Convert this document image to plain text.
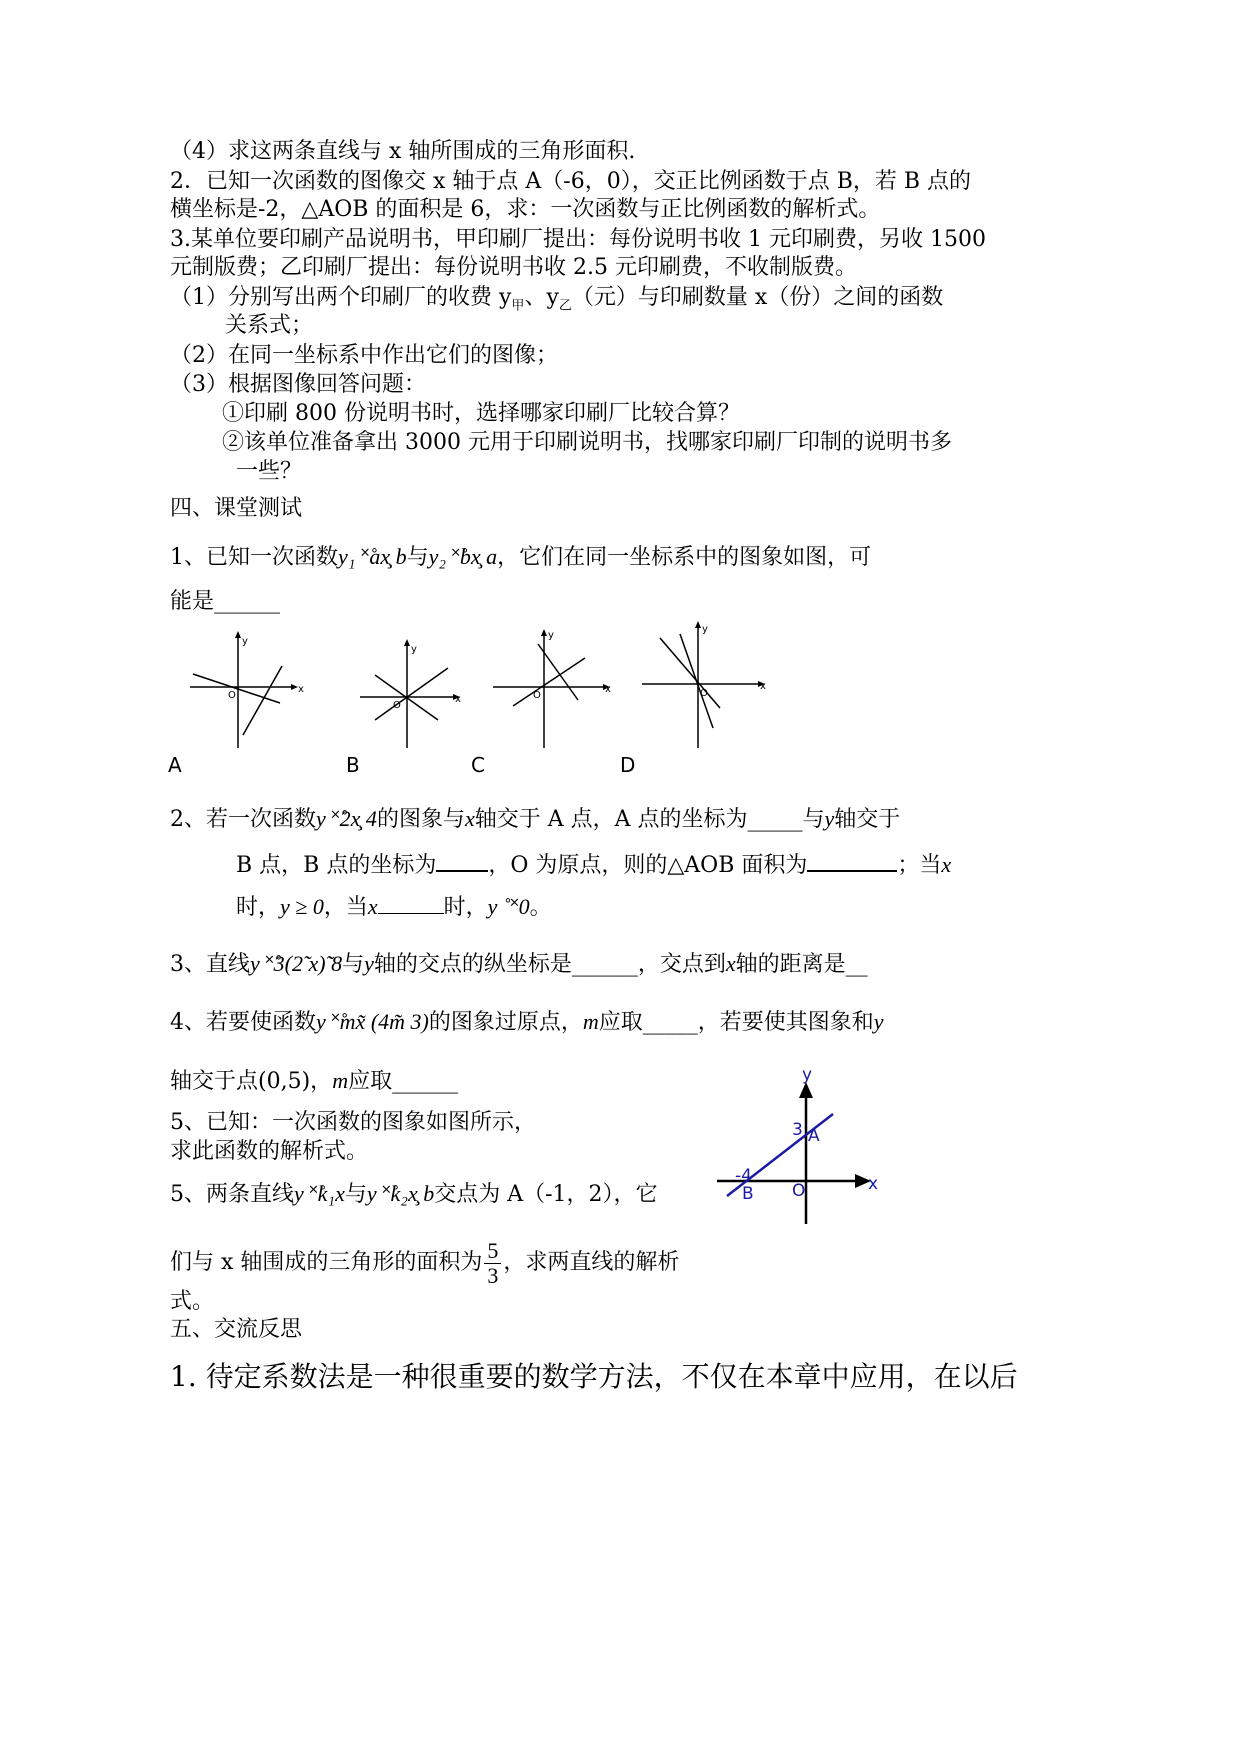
（4）求这两条直线与 x 轴所围成的三角形面积.
2．已知一次函数的图像交 x 轴于点 A（-6，0），交正比例函数于点 B，若 B 点的
横坐标是-2，△AOB 的面积是 6，求：一次函数与正比例函数的解析式。
3.某单位要印刷产品说明书，甲印刷厂提出：每份说明书收 1 元印刷费，另收 1500
元制版费；乙印刷厂提出：每份说明书收 2.5 元印刷费，不收制版费。
（1）分别写出两个印刷厂的收费 $y_甲$、$y_乙$（元）与印刷数量 x（份）之间的函数
关系式；
（2）在同一坐标系中作出它们的图像；
（3）根据图像回答问题：
①印刷 800 份说明书时，选择哪家印刷厂比较合算？
②该单位准备拿出 3000 元用于印刷说明书，找哪家印刷厂印制的说明书多
一些？
四、课堂测试
1、已知一次函数y₁ ˟̊ax̧ b与y₂ ˟̊bx̧ a，它们在同一坐标系中的图象如图，可
能是______
y
x
O
y
x
O
y
x
O
y
x
O
A	B	C	D
2、若一次函数y ˟̊2x̧ 4的图象与x轴交于 A 点，A 点的坐标为_____与y轴交于
B 点，B 点的坐标为 ，O 为原点，则的△AOB 面积为	；当x
时，y ≥ 0，当x	时，y ˚˟0。
3、直线y ˟̊3(2̃ x)̃ 8与y轴的交点的纵坐标是______，交点到x轴的距离是__
4、若要使函数y ˟̊mx̃ (4m̃ 3)的图象过原点，m应取_____，若要使其图象和y
轴交于点(0,5)，m应取______
5、已知：一次函数的图象如图所示，
求此函数的解析式。
y
x
3 A
-4
B O
5、两条直线y ˟̊k₁x与y ˟̊k₂x̧ b交点为 A（-1，2），它
们与 x 轴围成的三角形的面积为 $\frac{5}{3}$ ，求两直线的解析
式。
五、交流反思
1. 待定系数法是一种很重要的数学方法，不仅在本章中应用，在以后
